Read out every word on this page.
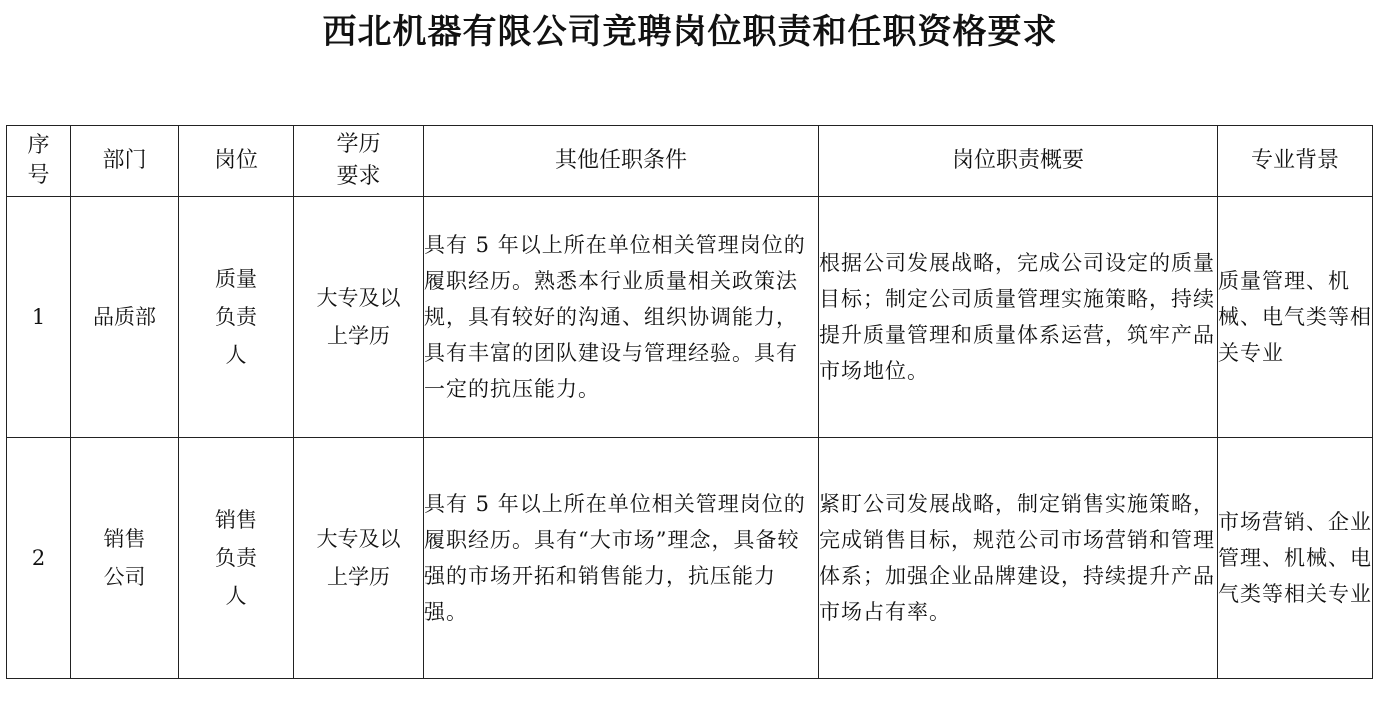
西北机器有限公司竞聘岗位职责和任职资格要求
序号	部门	岗位	学历要求	其他任职条件	岗位职责概要	专业背景
1	品质部	质量负责人	大专及以上学历	具有 5 年以上所在单位相关管理岗位的履职经历。熟悉本行业质量相关政策法规，具有较好的沟通、组织协调能力，具有丰富的团队建设与管理经验。具有一定的抗压能力。	根据公司发展战略，完成公司设定的质量目标；制定公司质量管理实施策略，持续提升质量管理和质量体系运营，筑牢产品市场地位。	质量管理、机械、电气类等相关专业
2	销售公司	销售负责人	大专及以上学历	具有 5 年以上所在单位相关管理岗位的履职经历。具有“大市场”理念，具备较强的市场开拓和销售能力，抗压能力强。	紧盯公司发展战略，制定销售实施策略，完成销售目标，规范公司市场营销和管理体系；加强企业品牌建设，持续提升产品市场占有率。	市场营销、企业管理、机械、电气类等相关专业
